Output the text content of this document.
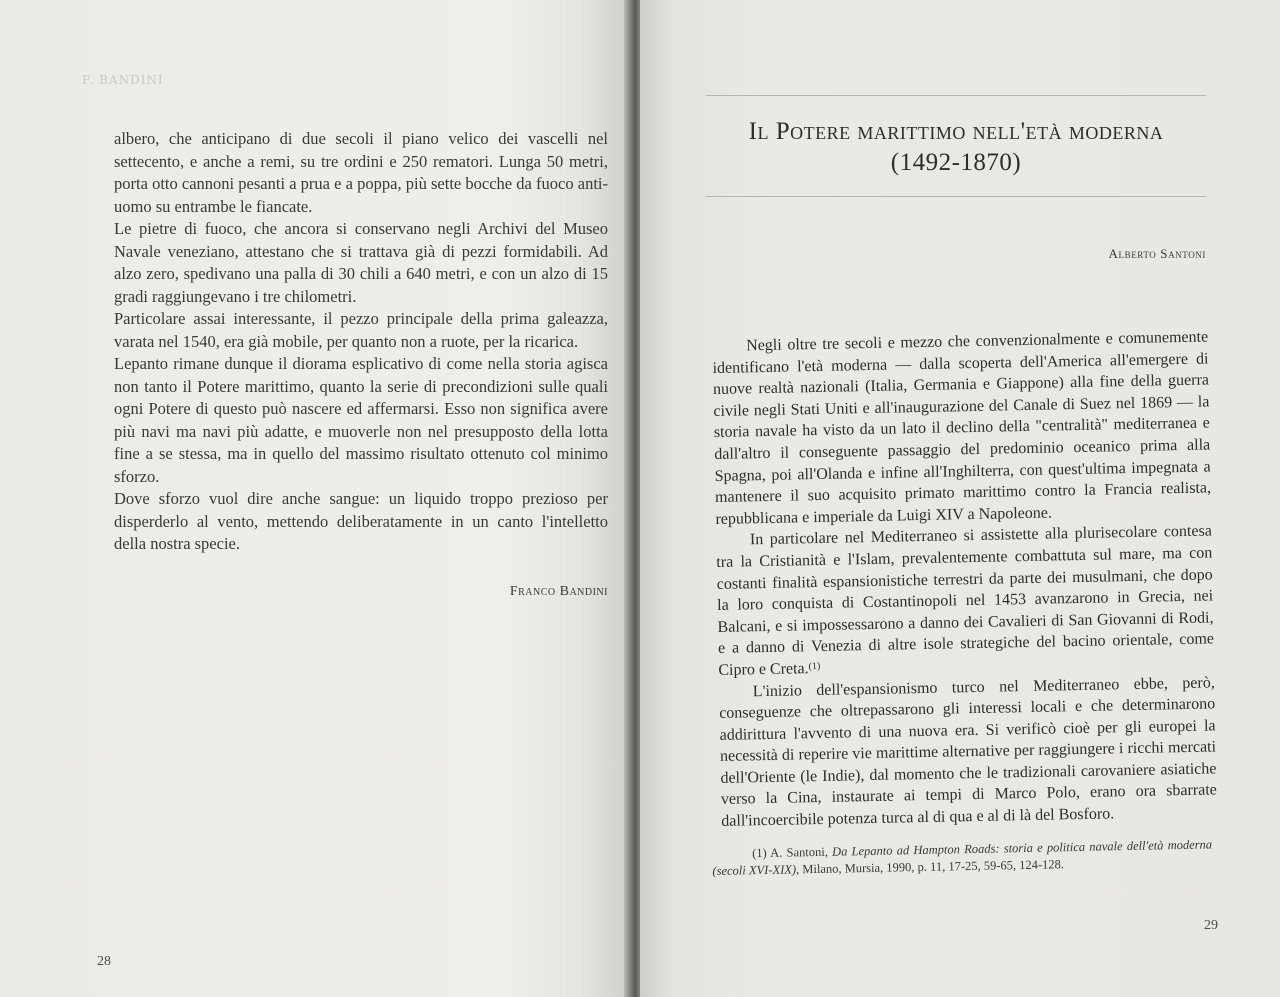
F. BANDINI

albero, che anticipano di due secoli il piano velico dei vascelli nel settecento, e anche a remi, su tre ordini e 250 rematori. Lunga 50 metri, porta otto cannoni pesanti a prua e a poppa, più sette bocche da fuoco anti-uomo su entrambe le fiancate.

Le pietre di fuoco, che ancora si conservano negli Archivi del Museo Navale veneziano, attestano che si trattava già di pezzi formidabili. Ad alzo zero, spedivano una palla di 30 chili a 640 metri, e con un alzo di 15 gradi raggiungevano i tre chilometri.

Particolare assai interessante, il pezzo principale della prima galeazza, varata nel 1540, era già mobile, per quanto non a ruote, per la ricarica.

Lepanto rimane dunque il diorama esplicativo di come nella storia agisca non tanto il Potere marittimo, quanto la serie di precondizioni sulle quali ogni Potere di questo può nascere ed affermarsi. Esso non significa avere più navi ma navi più adatte, e muoverle non nel presupposto della lotta fine a se stessa, ma in quello del massimo risultato ottenuto col minimo sforzo.

Dove sforzo vuol dire anche sangue: un liquido troppo prezioso per disperderlo al vento, mettendo deliberatamente in un canto l'intelletto della nostra specie.

Franco Bandini
28
Il Potere marittimo nell'età moderna
(1492-1870)
Alberto Santoni

Negli oltre tre secoli e mezzo che convenzionalmente e comunemente identificano l'età moderna — dalla scoperta dell'America all'emergere di nuove realtà nazionali (Italia, Germania e Giappone) alla fine della guerra civile negli Stati Uniti e all'inaugurazione del Canale di Suez nel 1869 — la storia navale ha visto da un lato il declino della "centralità" mediterranea e dall'altro il conseguente passaggio del predominio oceanico prima alla Spagna, poi all'Olanda e infine all'Inghilterra, con quest'ultima impegnata a mantenere il suo acquisito primato marittimo contro la Francia realista, repubblicana e imperiale da Luigi XIV a Napoleone.

In particolare nel Mediterraneo si assistette alla plurisecolare contesa tra la Cristianità e l'Islam, prevalentemente combattuta sul mare, ma con costanti finalità espansionistiche terrestri da parte dei musulmani, che dopo la loro conquista di Costantinopoli nel 1453 avanzarono in Grecia, nei Balcani, e si impossessarono a danno dei Cavalieri di San Giovanni di Rodi, e a danno di Venezia di altre isole strategiche del bacino orientale, come Cipro e Creta.$^{(1)}$

L'inizio dell'espansionismo turco nel Mediterraneo ebbe, però, conseguenze che oltrepassarono gli interessi locali e che determinarono addirittura l'avvento di una nuova era. Si verificò cioè per gli europei la necessità di reperire vie marittime alternative per raggiungere i ricchi mercati dell'Oriente (le Indie), dal momento che le tradizionali carovaniere asiatiche verso la Cina, instaurate ai tempi di Marco Polo, erano ora sbarrate dall'incoercibile potenza turca al di qua e al di là del Bosforo.

(1) A. Santoni, Da Lepanto ad Hampton Roads: storia e politica navale dell'età moderna (secoli XVI-XIX), Milano, Mursia, 1990, p. 11, 17-25, 59-65, 124-128.
29
